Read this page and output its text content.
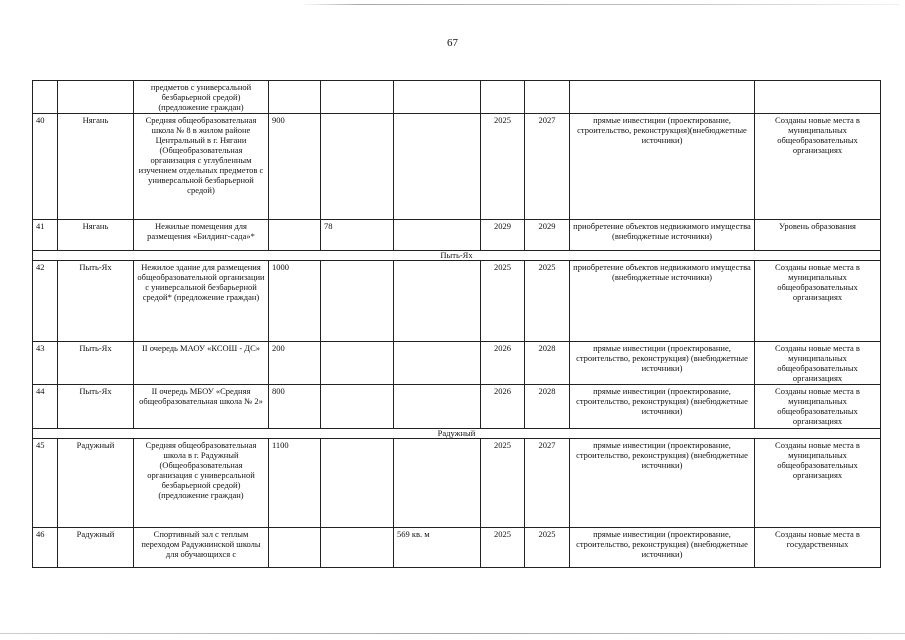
67
		предметов с универсальной безбарьерной средой) (предложение граждан)							
40	Нягань	Средняя общеобразовательная школа № 8 в жилом районе Центральный в г. Нягани (Общеобразовательная организация с углубленным изучением отдельных предметов с универсальной безбарьерной средой)	900			2025	2027	прямые инвестиции (проектирование, строительство, реконструкция)(внебюджетные источники)	Созданы новые места в муниципальных общеобразовательных организациях
41	Нягань	Нежилые помещения для размещения «Билдинг-сада»*		78		2029	2029	приобретение объектов недвижимого имущества (внебюджетные источники)	Уровень образования
Пыть-Ях									
42	Пыть-Ях	Нежилое здание для размещения общеобразовательной организации с универсальной безбарьерной средой* (предложение граждан)	1000			2025	2025	приобретение объектов недвижимого имущества (внебюджетные источники)	Созданы новые места в муниципальных общеобразовательных организациях
43	Пыть-Ях	II очередь МАОУ «КСОШ - ДС»	200			2026	2028	прямые инвестиции (проектирование, строительство, реконструкция) (внебюджетные источники)	Созданы новые места в муниципальных общеобразовательных организациях
44	Пыть-Ях	II очередь МБОУ «Средняя общеобразовательная школа № 2»	800			2026	2028	прямые инвестиции (проектирование, строительство, реконструкция) (внебюджетные источники)	Созданы новые места в муниципальных общеобразовательных организациях
Радужный									
45	Радужный	Средняя общеобразовательная школа в г. Радужный (Общеобразовательная организация с универсальной безбарьерной средой) (предложение граждан)	1100			2025	2027	прямые инвестиции (проектирование, строительство, реконструкция) (внебюджетные источники)	Созданы новые места в муниципальных общеобразовательных организациях
46	Радужный	Спортивный зал с теплым переходом Радужнинской школы для обучающихся с			569 кв. м	2025	2025	прямые инвестиции (проектирование, строительство, реконструкция) (внебюджетные источники)	Созданы новые места в государственных
